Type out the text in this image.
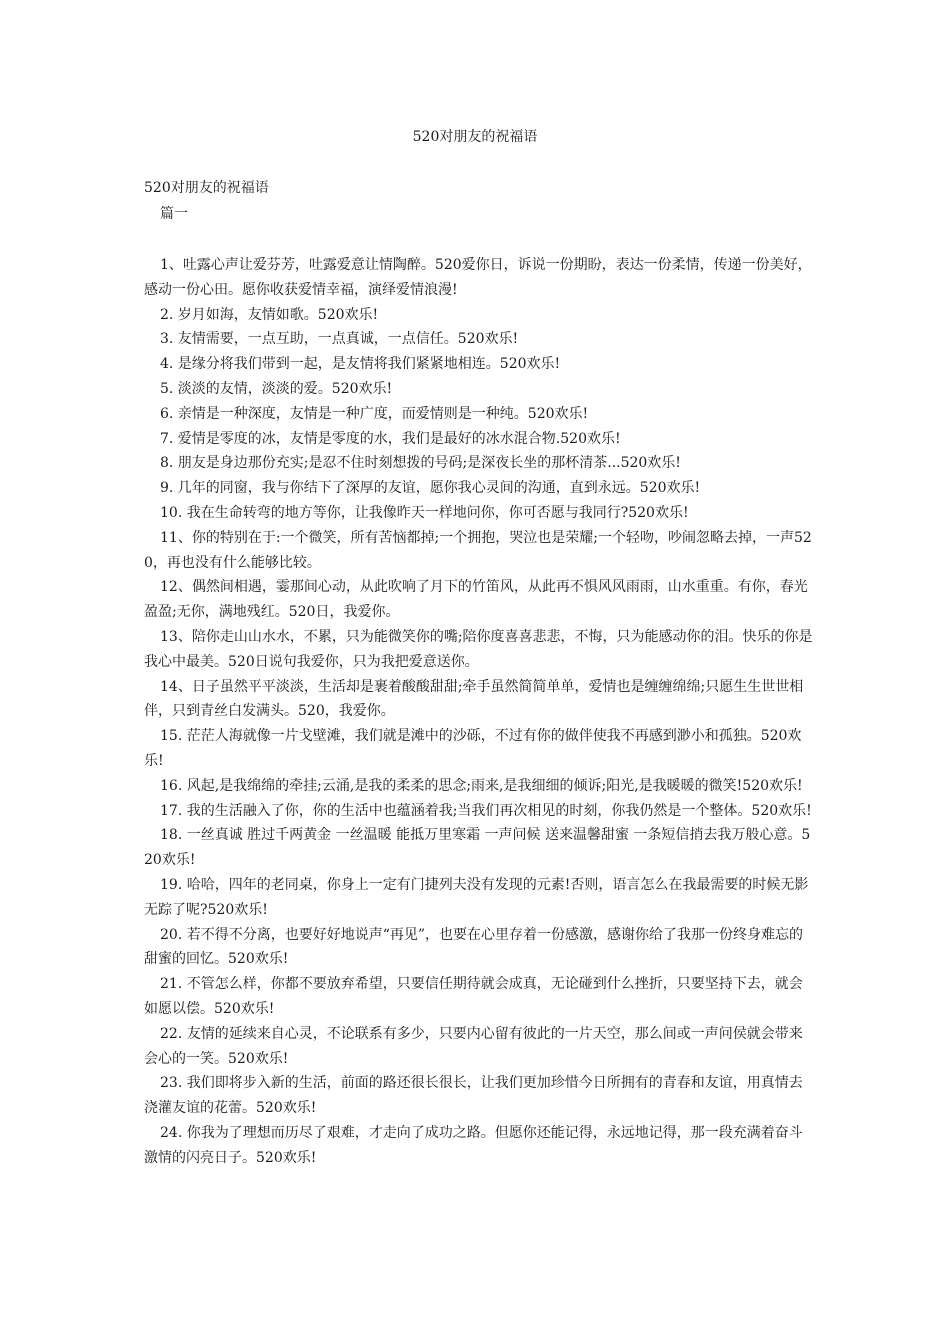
520对朋友的祝福语
520对朋友的祝福语
篇一

1、吐露心声让爱芬芳，吐露爱意让情陶醉。520爱你日，诉说一份期盼，表达一份柔情，传递一份美好，感动一份心田。愿你收获爱情幸福，演绎爱情浪漫!

2. 岁月如海，友情如歌。520欢乐!

3. 友情需要，一点互助，一点真诚，一点信任。520欢乐!

4. 是缘分将我们带到一起，是友情将我们紧紧地相连。520欢乐!

5. 淡淡的友情，淡淡的爱。520欢乐!

6. 亲情是一种深度，友情是一种广度，而爱情则是一种纯。520欢乐!

7. 爱情是零度的冰，友情是零度的水，我们是最好的冰水混合物.520欢乐!

8. 朋友是身边那份充实;是忍不住时刻想拨的号码;是深夜长坐的那杯清茶...520欢乐!

9. 几年的同窗，我与你结下了深厚的友谊，愿你我心灵间的沟通，直到永远。520欢乐!

10. 我在生命转弯的地方等你，让我像昨天一样地问你，你可否愿与我同行?520欢乐!

11、你的特别在于:一个微笑，所有苦恼都掉;一个拥抱，哭泣也是荣耀;一个轻吻，吵闹忽略去掉，一声520，再也没有什么能够比较。

12、偶然间相遇，霎那间心动，从此吹响了月下的竹笛风，从此再不惧风风雨雨，山水重重。有你，春光盈盈;无你，满地残红。520日，我爱你。

13、陪你走山山水水，不累，只为能微笑你的嘴;陪你度喜喜悲悲，不悔，只为能感动你的泪。快乐的你是我心中最美。520日说句我爱你，只为我把爱意送你。

14、日子虽然平平淡淡，生活却是裹着酸酸甜甜;牵手虽然简简单单，爱情也是缠缠绵绵;只愿生生世世相伴，只到青丝白发满头。520，我爱你。

15. 茫茫人海就像一片戈壁滩，我们就是滩中的沙砾，不过有你的做伴使我不再感到渺小和孤独。520欢乐!

16. 风起,是我绵绵的牵挂;云涌,是我的柔柔的思念;雨来,是我细细的倾诉;阳光,是我暖暖的微笑!520欢乐!

17. 我的生活融入了你，你的生活中也蕴涵着我;当我们再次相见的时刻，你我仍然是一个整体。520欢乐!

18. 一丝真诚 胜过千两黄金 一丝温暖 能抵万里寒霜 一声问候 送来温馨甜蜜 一条短信捎去我万般心意。520欢乐!

19. 哈哈，四年的老同桌，你身上一定有门捷列夫没有发现的元素!否则，语言怎么在我最需要的时候无影无踪了呢?520欢乐!

20. 若不得不分离，也要好好地说声“再见”，也要在心里存着一份感激，感谢你给了我那一份终身难忘的甜蜜的回忆。520欢乐!

21. 不管怎么样，你都不要放弃希望，只要信任期待就会成真，无论碰到什么挫折，只要坚持下去，就会如愿以偿。520欢乐!

22. 友情的延续来自心灵，不论联系有多少，只要内心留有彼此的一片天空，那么间或一声问侯就会带来会心的一笑。520欢乐!

23. 我们即将步入新的生活，前面的路还很长很长，让我们更加珍惜今日所拥有的青春和友谊，用真情去浇灌友谊的花蕾。520欢乐!

24. 你我为了理想而历尽了艰难，才走向了成功之路。但愿你还能记得，永远地记得，那一段充满着奋斗激情的闪亮日子。520欢乐!
